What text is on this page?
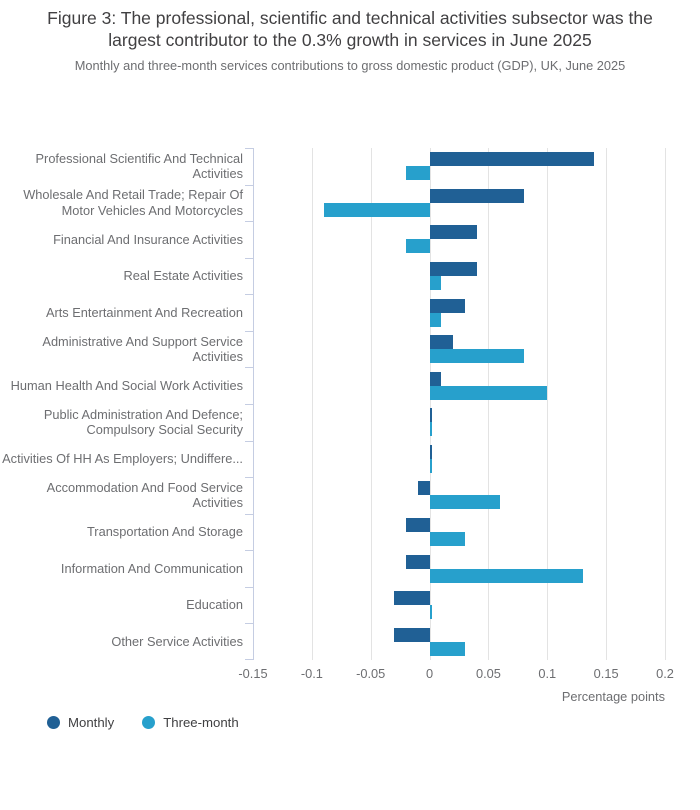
Figure 3: The professional, scientific and technical activities subsector was the largest contributor to the 0.3% growth in services in June 2025
Monthly and three-month services contributions to gross domestic product (GDP), UK, June 2025
Professional Scientific And Technical Activities
Wholesale And Retail Trade; Repair Of Motor Vehicles And Motorcycles
Financial And Insurance Activities
Real Estate Activities
Arts Entertainment And Recreation
Administrative And Support Service Activities
Human Health And Social Work Activities
Public Administration And Defence; Compulsory Social Security
Activities Of HH As Employers; Undiffere...
Accommodation And Food Service Activities
Transportation And Storage
Information And Communication
Education
Other Service Activities
-0.15	-0.1	-0.05	0	0.05	0.1	0.15	0.2
Percentage points
Monthly	Three-month
